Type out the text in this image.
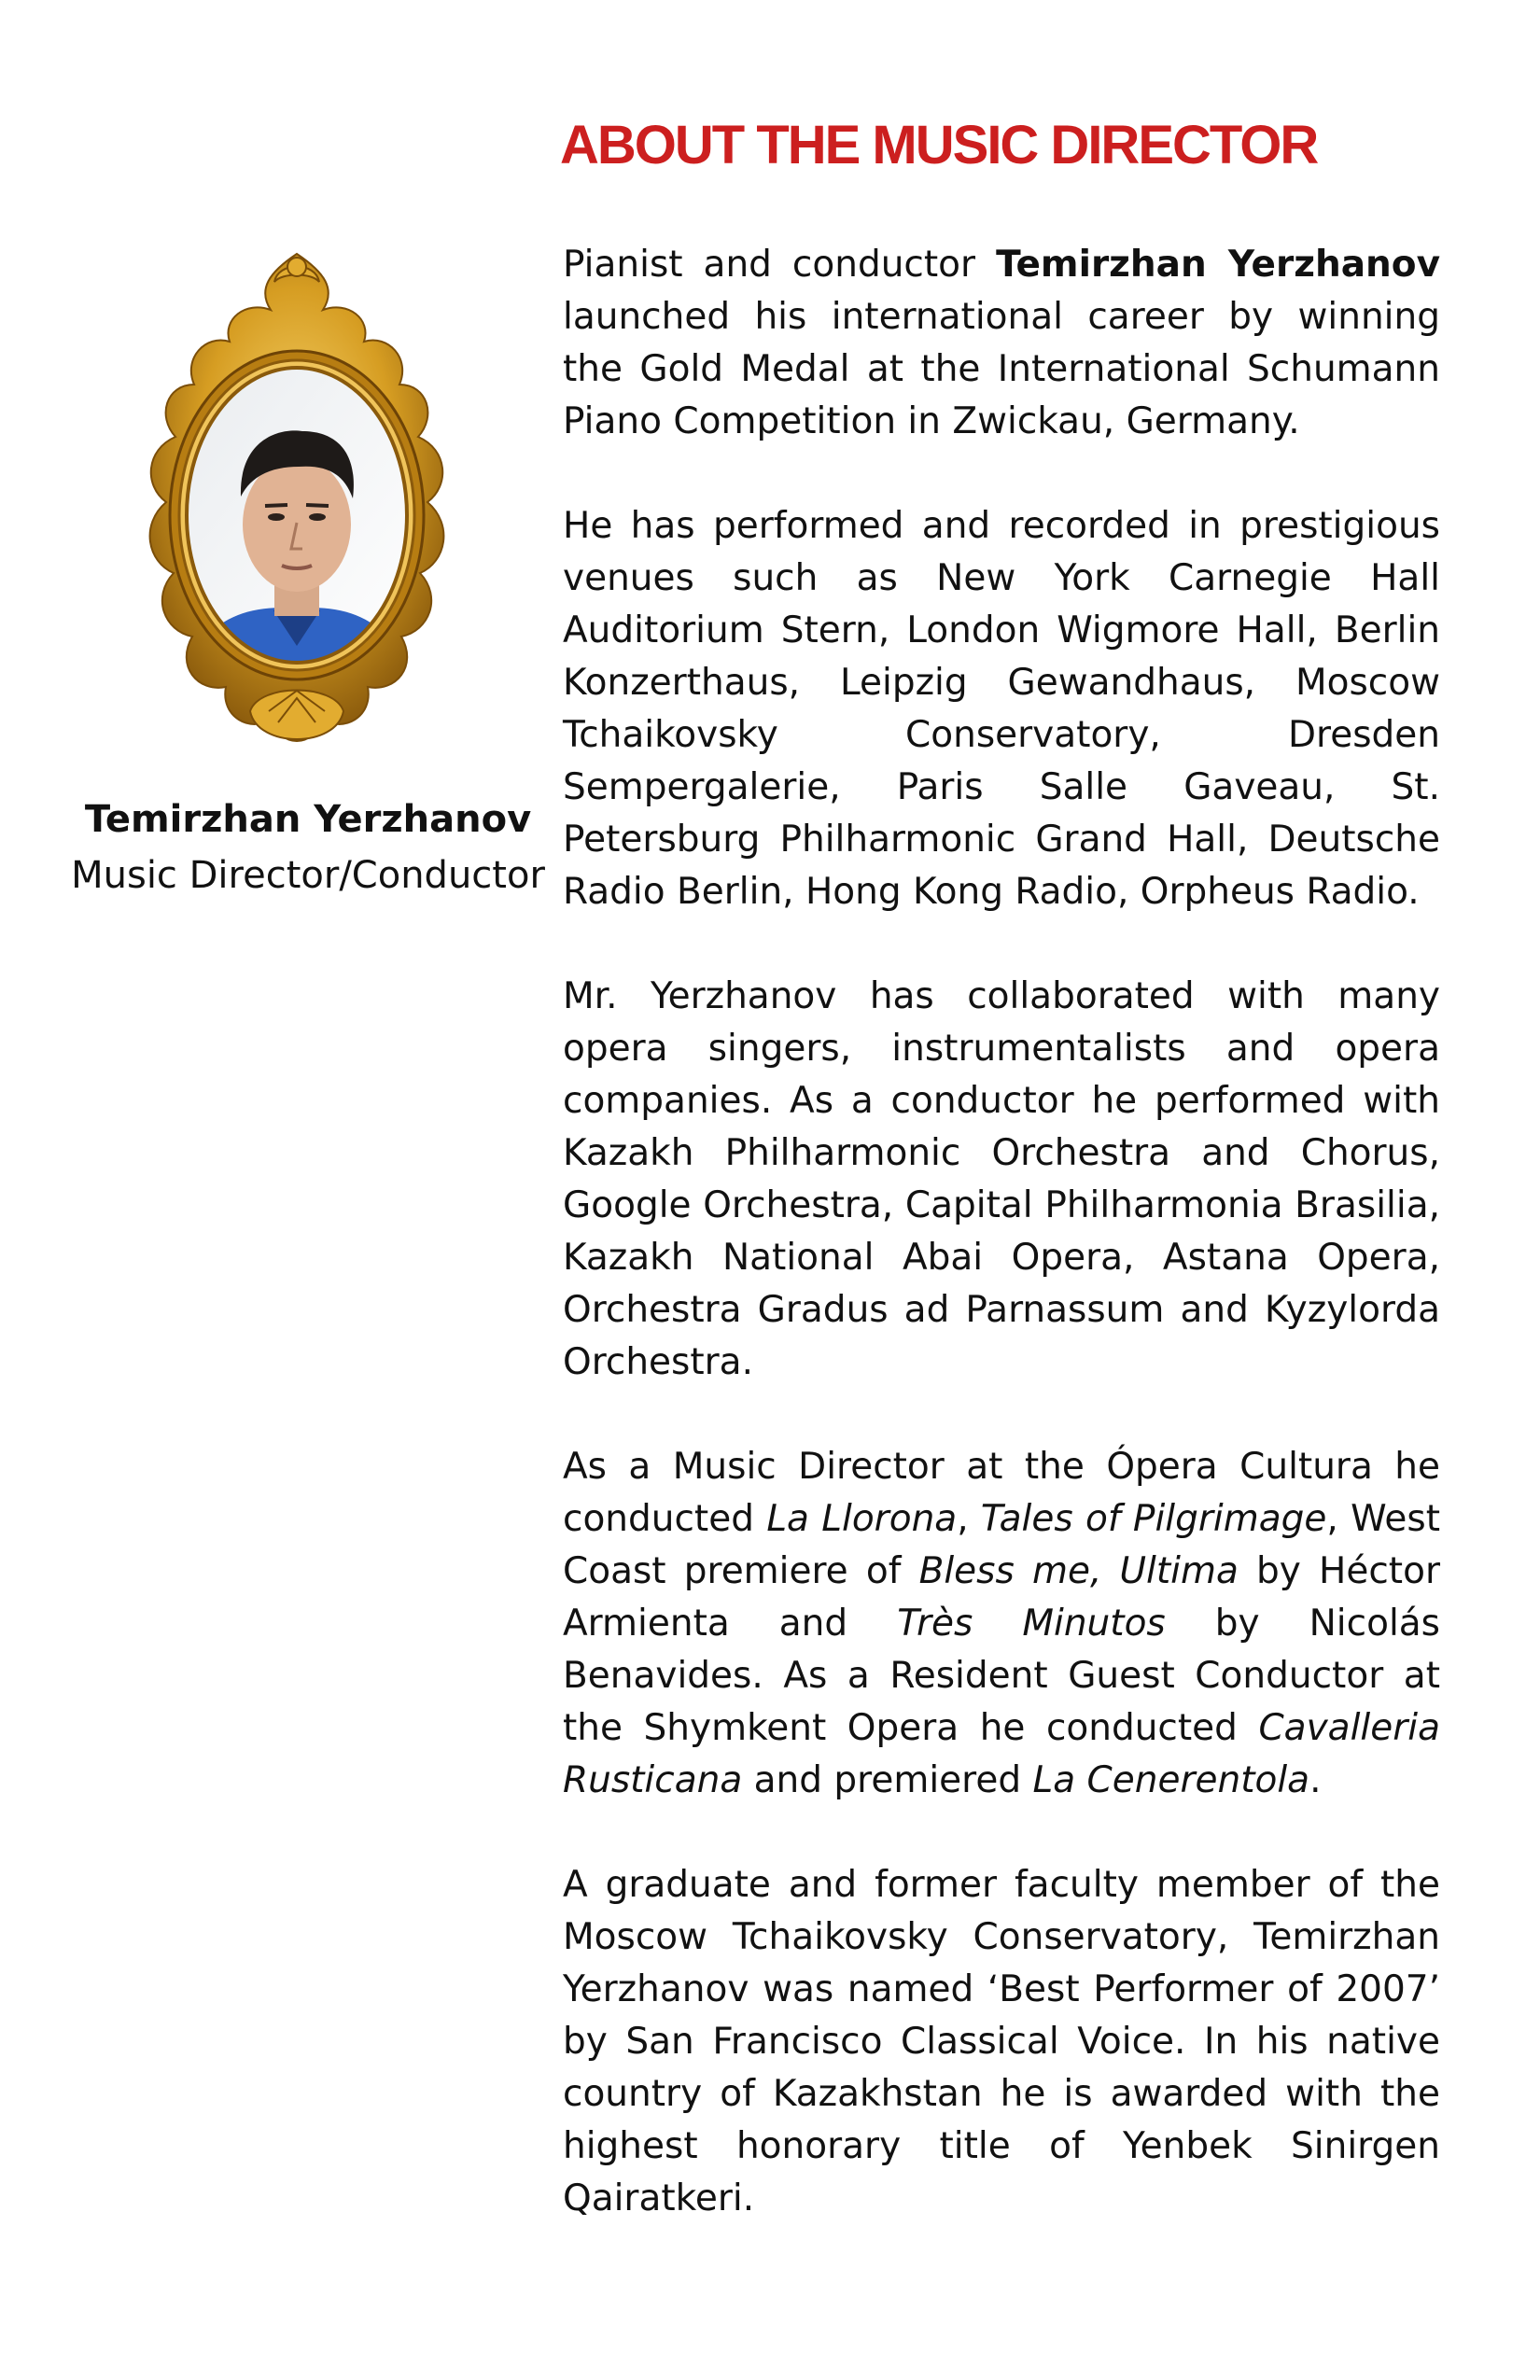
ABOUT THE MUSIC DIRECTOR
Temirzhan Yerzhanov
Music Director/Conductor

Pianist and conductor Temirzhan Yerzhanov launched his international career by winning the Gold Medal at the International Schumann Piano Competition in Zwickau, Germany.

He has performed and recorded in prestigious venues such as New York Carnegie Hall Auditorium Stern, London Wigmore Hall, Berlin Konzerthaus, Leipzig Gewandhaus, Moscow Tchaikovsky Conservatory, Dresden Sempergalerie, Paris Salle Gaveau, St. Petersburg Philharmonic Grand Hall, Deutsche Radio Berlin, Hong Kong Radio, Orpheus Radio.

Mr. Yerzhanov has collaborated with many opera singers, instrumentalists and opera companies. As a conductor he performed with Kazakh Philharmonic Orchestra and Chorus, Google Orchestra, Capital Philharmonia Brasilia, Kazakh National Abai Opera, Astana Opera, Orchestra Gradus ad Parnassum and Kyzylorda Orchestra.

As a Music Director at the Ópera Cultura he conducted La Llorona, Tales of Pilgrimage, West Coast premiere of Bless me, Ultima by Héctor Armienta and Très Minutos by Nicolás Benavides. As a Resident Guest Conductor at the Shymkent Opera he conducted Cavalleria Rusticana and premiered La Cenerentola.

A graduate and former faculty member of the Moscow Tchaikovsky Conservatory, Temirzhan Yerzhanov was named ‘Best Performer of 2007’ by San Francisco Classical Voice. In his native country of Kazakhstan he is awarded with the highest honorary title of Yenbek Sinirgen Qairatkeri.
